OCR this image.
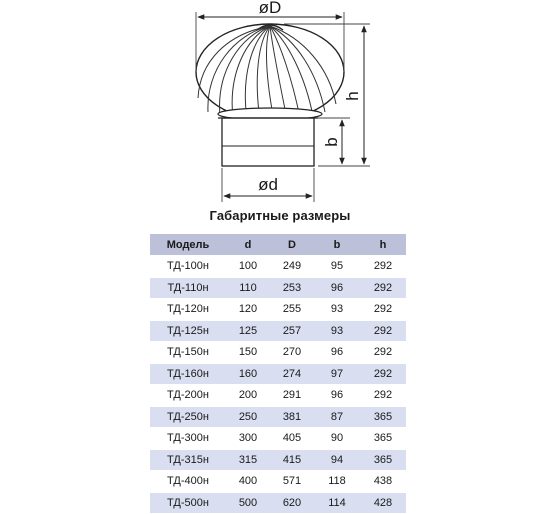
øD
ød
h
b
Габаритные размеры
Модель	d	D	b	h
ТД-100н	100	249	95	292
ТД-110н	110	253	96	292
ТД-120н	120	255	93	292
ТД-125н	125	257	93	292
ТД-150н	150	270	96	292
ТД-160н	160	274	97	292
ТД-200н	200	291	96	292
ТД-250н	250	381	87	365
ТД-300н	300	405	90	365
ТД-315н	315	415	94	365
ТД-400н	400	571	118	438
ТД-500н	500	620	114	428
